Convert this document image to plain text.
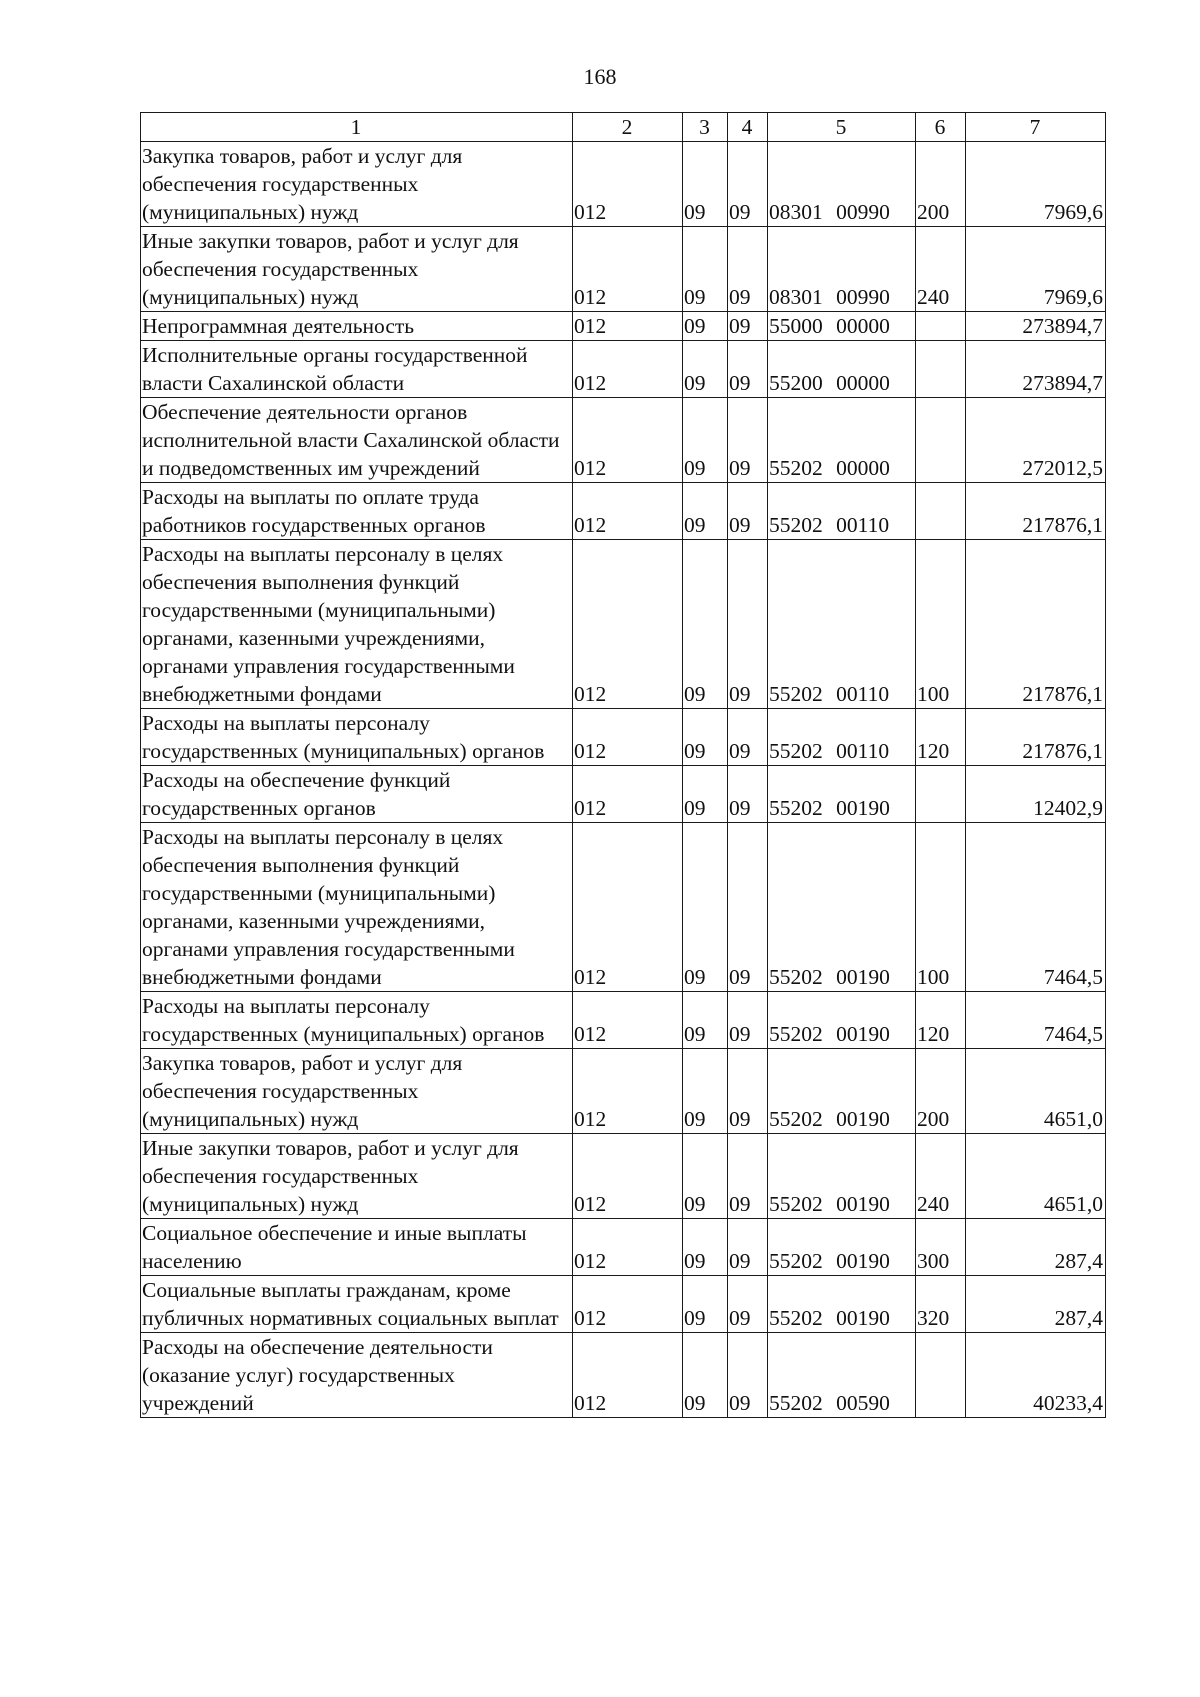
168
1	2	3	4	5	6	7
Закупка товаров, работ и услуг для обеспечения государственных (муниципальных) нужд	012	09	09	08301 00990	200	7969,6
Иные закупки товаров, работ и услуг для обеспечения государственных (муниципальных) нужд	012	09	09	08301 00990	240	7969,6
Непрограммная деятельность	012	09	09	55000 00000		273894,7
Исполнительные органы государственной власти Сахалинской области	012	09	09	55200 00000		273894,7
Обеспечение деятельности органов исполнительной власти Сахалинской области и подведомственных им учреждений	012	09	09	55202 00000		272012,5
Расходы на выплаты по оплате труда работников государственных органов	012	09	09	55202 00110		217876,1
Расходы на выплаты персоналу в целях обеспечения выполнения функций государственными (муниципальными) органами, казенными учреждениями, органами управления государственными внебюджетными фондами	012	09	09	55202 00110	100	217876,1
Расходы на выплаты персоналу государственных (муниципальных) органов	012	09	09	55202 00110	120	217876,1
Расходы на обеспечение функций государственных органов	012	09	09	55202 00190		12402,9
Расходы на выплаты персоналу в целях обеспечения выполнения функций государственными (муниципальными) органами, казенными учреждениями, органами управления государственными внебюджетными фондами	012	09	09	55202 00190	100	7464,5
Расходы на выплаты персоналу государственных (муниципальных) органов	012	09	09	55202 00190	120	7464,5
Закупка товаров, работ и услуг для обеспечения государственных (муниципальных) нужд	012	09	09	55202 00190	200	4651,0
Иные закупки товаров, работ и услуг для обеспечения государственных (муниципальных) нужд	012	09	09	55202 00190	240	4651,0
Социальное обеспечение и иные выплаты населению	012	09	09	55202 00190	300	287,4
Социальные выплаты гражданам, кроме публичных нормативных социальных выплат	012	09	09	55202 00190	320	287,4
Расходы на обеспечение деятельности (оказание услуг) государственных учреждений	012	09	09	55202 00590		40233,4
